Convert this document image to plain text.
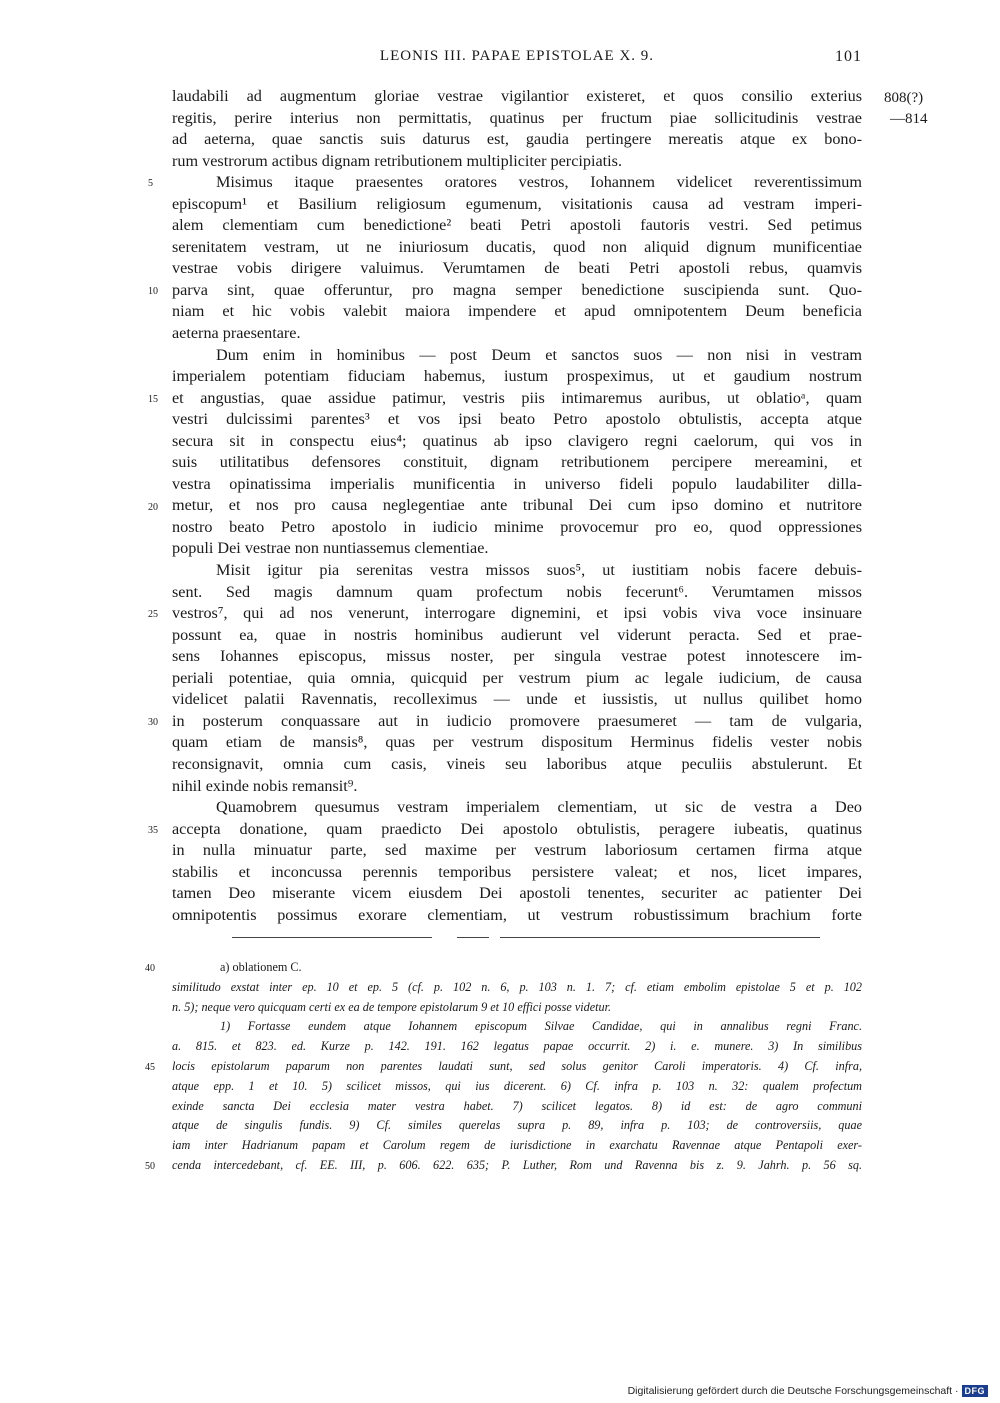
LEONIS III. PAPAE EPISTOLAE X. 9.	101
808(?)
—814
laudabili ad augmentum gloriae vestrae vigilantior existeret, et quos consilio exterius
regitis, perire interius non permittatis, quatinus per fructum piae sollicitudinis vestrae
ad aeterna, quae sanctis suis daturus est, gaudia pertingere mereatis atque ex bono-
rum vestrorum actibus dignam retributionem multipliciter percipiatis.
Misimus itaque praesentes oratores vestros, Iohannem videlicet reverentissimum
episcopum¹ et Basilium religiosum egumenum, visitationis causa ad vestram imperi-
alem clementiam cum benedictione² beati Petri apostoli fautoris vestri. Sed petimus
serenitatem vestram, ut ne iniuriosum ducatis, quod non aliquid dignum munificentiae
vestrae vobis dirigere valuimus. Verumtamen de beati Petri apostoli rebus, quamvis
parva sint, quae offeruntur, pro magna semper benedictione suscipienda sunt. Quo-
niam et hic vobis valebit maiora impendere et apud omnipotentem Deum beneficia
aeterna praesentare.
Dum enim in hominibus — post Deum et sanctos suos — non nisi in vestram
imperialem potentiam fiduciam habemus, iustum prospeximus, ut et gaudium nostrum
et angustias, quae assidue patimur, vestris piis intimaremus auribus, ut oblatioᵃ, quam
vestri dulcissimi parentes³ et vos ipsi beato Petro apostolo obtulistis, accepta atque
secura sit in conspectu eius⁴; quatinus ab ipso clavigero regni caelorum, qui vos in
suis utilitatibus defensores constituit, dignam retributionem percipere mereamini, et
vestra opinatissima imperialis munificentia in universo fideli populo laudabiliter dilla-
metur, et nos pro causa neglegentiae ante tribunal Dei cum ipso domino et nutritore
nostro beato Petro apostolo in iudicio minime provocemur pro eo, quod oppressiones
populi Dei vestrae non nuntiassemus clementiae.
Misit igitur pia serenitas vestra missos suos⁵, ut iustitiam nobis facere debuis-
sent. Sed magis damnum quam profectum nobis fecerunt⁶. Verumtamen missos
vestros⁷, qui ad nos venerunt, interrogare dignemini, et ipsi vobis viva voce insinuare
possunt ea, quae in nostris hominibus audierunt vel viderunt peracta. Sed et prae-
sens Iohannes episcopus, missus noster, per singula vestrae potest innotescere im-
periali potentiae, quia omnia, quicquid per vestrum pium ac legale iudicium, de causa
videlicet palatii Ravennatis, recolleximus — unde et iussistis, ut nullus quilibet homo
in posterum conquassare aut in iudicio promovere praesumeret — tam de vulgaria,
quam etiam de mansis⁸, quas per vestrum dispositum Herminus fidelis vester nobis
reconsignavit, omnia cum casis, vineis seu laboribus atque peculiis abstulerunt. Et
nihil exinde nobis remansit⁹.
Quamobrem quesumus vestram imperialem clementiam, ut sic de vestra a Deo
accepta donatione, quam praedicto Dei apostolo obtulistis, peragere iubeatis, quatinus
in nulla minuatur parte, sed maxime per vestrum laboriosum certamen firma atque
stabilis et inconcussa perennis temporibus persistere valeat; et nos, licet impares,
tamen Deo miserante vicem eiusdem Dei apostoli tenentes, securiter ac patienter Dei
omnipotentis possimus exorare clementiam, ut vestrum robustissimum brachium forte
5
10
15
20
25
30
35
a) oblationem C.
similitudo exstat inter ep. 10 et ep. 5 (cf. p. 102 n. 6, p. 103 n. 1. 7; cf. etiam embolim epistolae 5 et p. 102
n. 5); neque vero quicquam certi ex ea de tempore epistolarum 9 et 10 effici posse videtur.
1) Fortasse eundem atque Iohannem episcopum Silvae Candidae, qui in annalibus regni Franc.
a. 815. et 823. ed. Kurze p. 142. 191. 162 legatus papae occurrit. 2) i. e. munere. 3) In similibus
locis epistolarum paparum non parentes laudati sunt, sed solus genitor Caroli imperatoris. 4) Cf. infra,
atque epp. 1 et 10. 5) scilicet missos, qui ius dicerent. 6) Cf. infra p. 103 n. 32: qualem profectum
exinde sancta Dei ecclesia mater vestra habet. 7) scilicet legatos. 8) id est: de agro communi
atque de singulis fundis. 9) Cf. similes querelas supra p. 89, infra p. 103; de controversiis, quae
iam inter Hadrianum papam et Carolum regem de iurisdictione in exarchatu Ravennae atque Pentapoli exer-
cenda intercedebant, cf. EE. III, p. 606. 622. 635; P. Luther, Rom und Ravenna bis z. 9. Jahrh. p. 56 sq.
40
45
50
Digitalisierung gefördert durch die Deutsche Forschungsgemeinschaft · DFG
